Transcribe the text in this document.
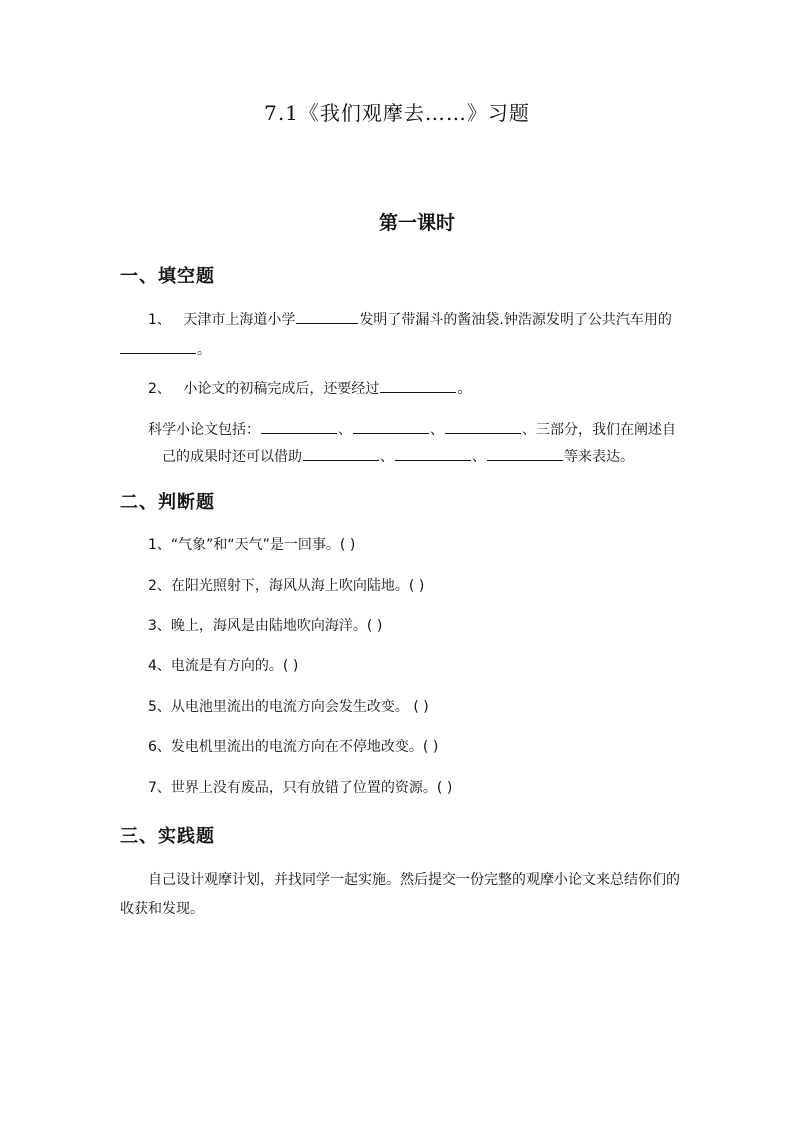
7.1《我们观摩去……》习题
第一课时
一、填空题
1、 天津市上海道小学	发明了带漏斗的酱油袋.钟浩源发明了公共汽车用的
。
2、 小论文的初稿完成后，还要经过	。
科学小论文包括：	、	、	、三部分，我们在阐述自
己的成果时还可以借助	、	、	等来表达。
二、判断题
1、“气象”和“天气”是一回事。( )
2、在阳光照射下，海风从海上吹向陆地。( )
3、晚上，海风是由陆地吹向海洋。( )
4、电流是有方向的。( )
5、从电池里流出的电流方向会发生改变。 ( )
6、发电机里流出的电流方向在不停地改变。( )
7、世界上没有废品，只有放错了位置的资源。( )
三、实践题
自己设计观摩计划，并找同学一起实施。然后提交一份完整的观摩小论文来总结你们的收获和发现。
